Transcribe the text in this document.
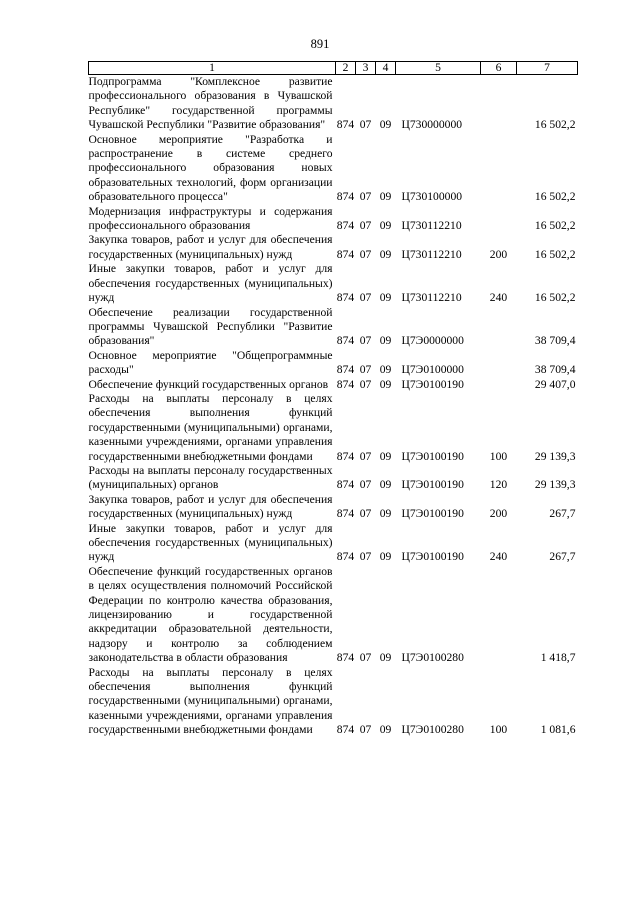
891
1	2	3	4	5	6	7
Подпрограмма "Комплексное развитие профессионального образования в Чувашской Республике" государственной программы Чувашской Республики "Развитие образования"	874	07	09	Ц730000000		16 502,2
Основное мероприятие "Разработка и распространение в системе среднего профессионального образования новых образовательных технологий, форм организации образовательного процесса"	874	07	09	Ц730100000		16 502,2
Модернизация инфраструктуры и содержания профессионального образования	874	07	09	Ц730112210		16 502,2
Закупка товаров, работ и услуг для обеспечения государственных (муниципальных) нужд	874	07	09	Ц730112210	200	16 502,2
Иные закупки товаров, работ и услуг для обеспечения государственных (муниципальных) нужд	874	07	09	Ц730112210	240	16 502,2
Обеспечение реализации государственной программы Чувашской Республики "Развитие образования"	874	07	09	Ц7Э0000000		38 709,4
Основное мероприятие "Общепрограммные расходы"	874	07	09	Ц7Э0100000		38 709,4
Обеспечение функций государственных органов	874	07	09	Ц7Э0100190		29 407,0
Расходы на выплаты персоналу в целях обеспечения выполнения функций государственными (муниципальными) органами, казенными учреждениями, органами управления государственными внебюджетными фондами	874	07	09	Ц7Э0100190	100	29 139,3
Расходы на выплаты персоналу государственных (муниципальных) органов	874	07	09	Ц7Э0100190	120	29 139,3
Закупка товаров, работ и услуг для обеспечения государственных (муниципальных) нужд	874	07	09	Ц7Э0100190	200	267,7
Иные закупки товаров, работ и услуг для обеспечения государственных (муниципальных) нужд	874	07	09	Ц7Э0100190	240	267,7
Обеспечение функций государственных органов в целях осуществления полномочий Российской Федерации по контролю качества образования, лицензированию и государственной аккредитации образовательной деятельности, надзору и контролю за соблюдением законодательства в области образования	874	07	09	Ц7Э0100280		1 418,7
Расходы на выплаты персоналу в целях обеспечения выполнения функций государственными (муниципальными) органами, казенными учреждениями, органами управления государственными внебюджетными фондами	874	07	09	Ц7Э0100280	100	1 081,6
